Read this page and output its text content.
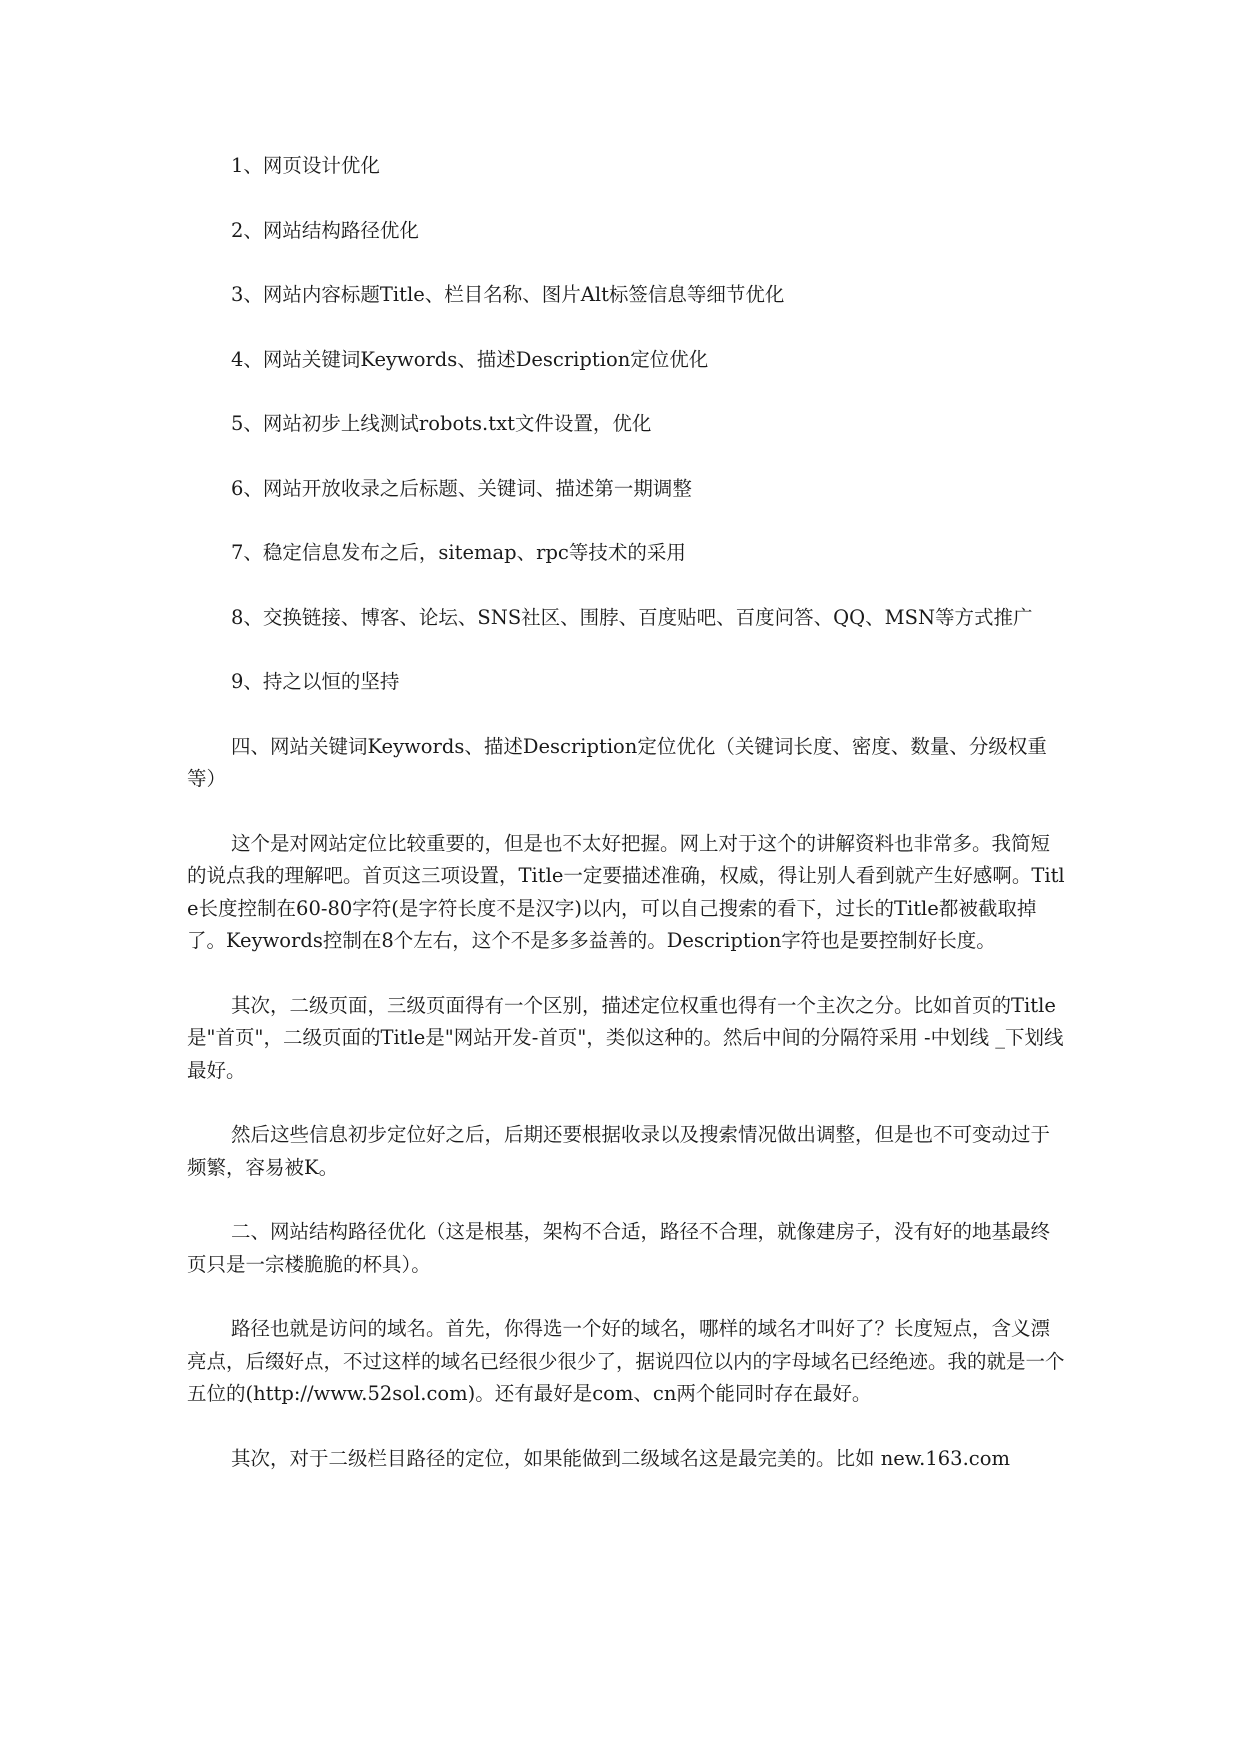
1、网页设计优化

2、网站结构路径优化

3、网站内容标题Title、栏目名称、图片Alt标签信息等细节优化

4、网站关键词Keywords、描述Description定位优化

5、网站初步上线测试robots.txt文件设置，优化

6、网站开放收录之后标题、关键词、描述第一期调整

7、稳定信息发布之后，sitemap、rpc等技术的采用

8、交换链接、博客、论坛、SNS社区、围脖、百度贴吧、百度问答、QQ、MSN等方式推广

9、持之以恒的坚持

四、网站关键词Keywords、描述Description定位优化（关键词长度、密度、数量、分级权重等）

这个是对网站定位比较重要的，但是也不太好把握。网上对于这个的讲解资料也非常多。我简短的说点我的理解吧。首页这三项设置，Title一定要描述准确，权威，得让别人看到就产生好感啊。Title长度控制在60-80字符(是字符长度不是汉字)以内，可以自己搜索的看下，过长的Title都被截取掉了。Keywords控制在8个左右，这个不是多多益善的。Description字符也是要控制好长度。

其次，二级页面，三级页面得有一个区别，描述定位权重也得有一个主次之分。比如首页的Title是"首页"，二级页面的Title是"网站开发-首页"，类似这种的。然后中间的分隔符采用 -中划线 _下划线 最好。

然后这些信息初步定位好之后，后期还要根据收录以及搜索情况做出调整，但是也不可变动过于频繁，容易被K。

二、网站结构路径优化（这是根基，架构不合适，路径不合理，就像建房子，没有好的地基最终页只是一宗楼脆脆的杯具）。

路径也就是访问的域名。首先，你得选一个好的域名，哪样的域名才叫好了？长度短点，含义漂亮点，后缀好点，不过这样的域名已经很少很少了，据说四位以内的字母域名已经绝迹。我的就是一个五位的(http://www.52sol.com)。还有最好是com、cn两个能同时存在最好。

其次，对于二级栏目路径的定位，如果能做到二级域名这是最完美的。比如 new.163.com
